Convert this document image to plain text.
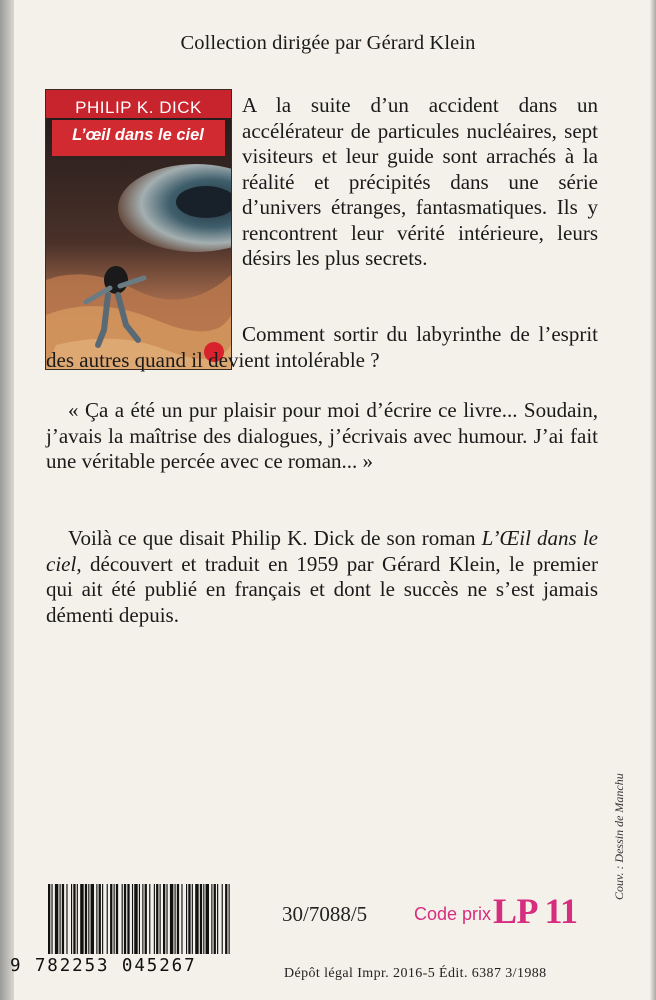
Collection dirigée par Gérard Klein
PHILIP K. DICK
L’œil dans le ciel

A la suite d’un accident dans un accélérateur de particules nucléaires, sept visiteurs et leur guide sont arrachés à la réalité et précipités dans une série d’univers étranges, fantasmatiques. Ils y rencontrent leur vérité intérieure, leurs désirs les plus secrets.

Comment sortir du labyrinthe de l’esprit des autres quand il devient intolérable ?

« Ça a été un pur plaisir pour moi d’écrire ce livre... Soudain, j’avais la maîtrise des dialogues, j’écrivais avec humour. J’ai fait une véritable percée avec ce roman... »

Voilà ce que disait Philip K. Dick de son roman L’Œil dans le ciel, découvert et traduit en 1959 par Gérard Klein, le premier qui ait été publié en français et dont le succès ne s’est jamais démenti depuis.

Couv. : Dessin de Manchu
9 782253 045267
30/7088/5	Code prix LP 11
Dépôt légal Impr. 2016-5 Édit. 6387 3/1988
